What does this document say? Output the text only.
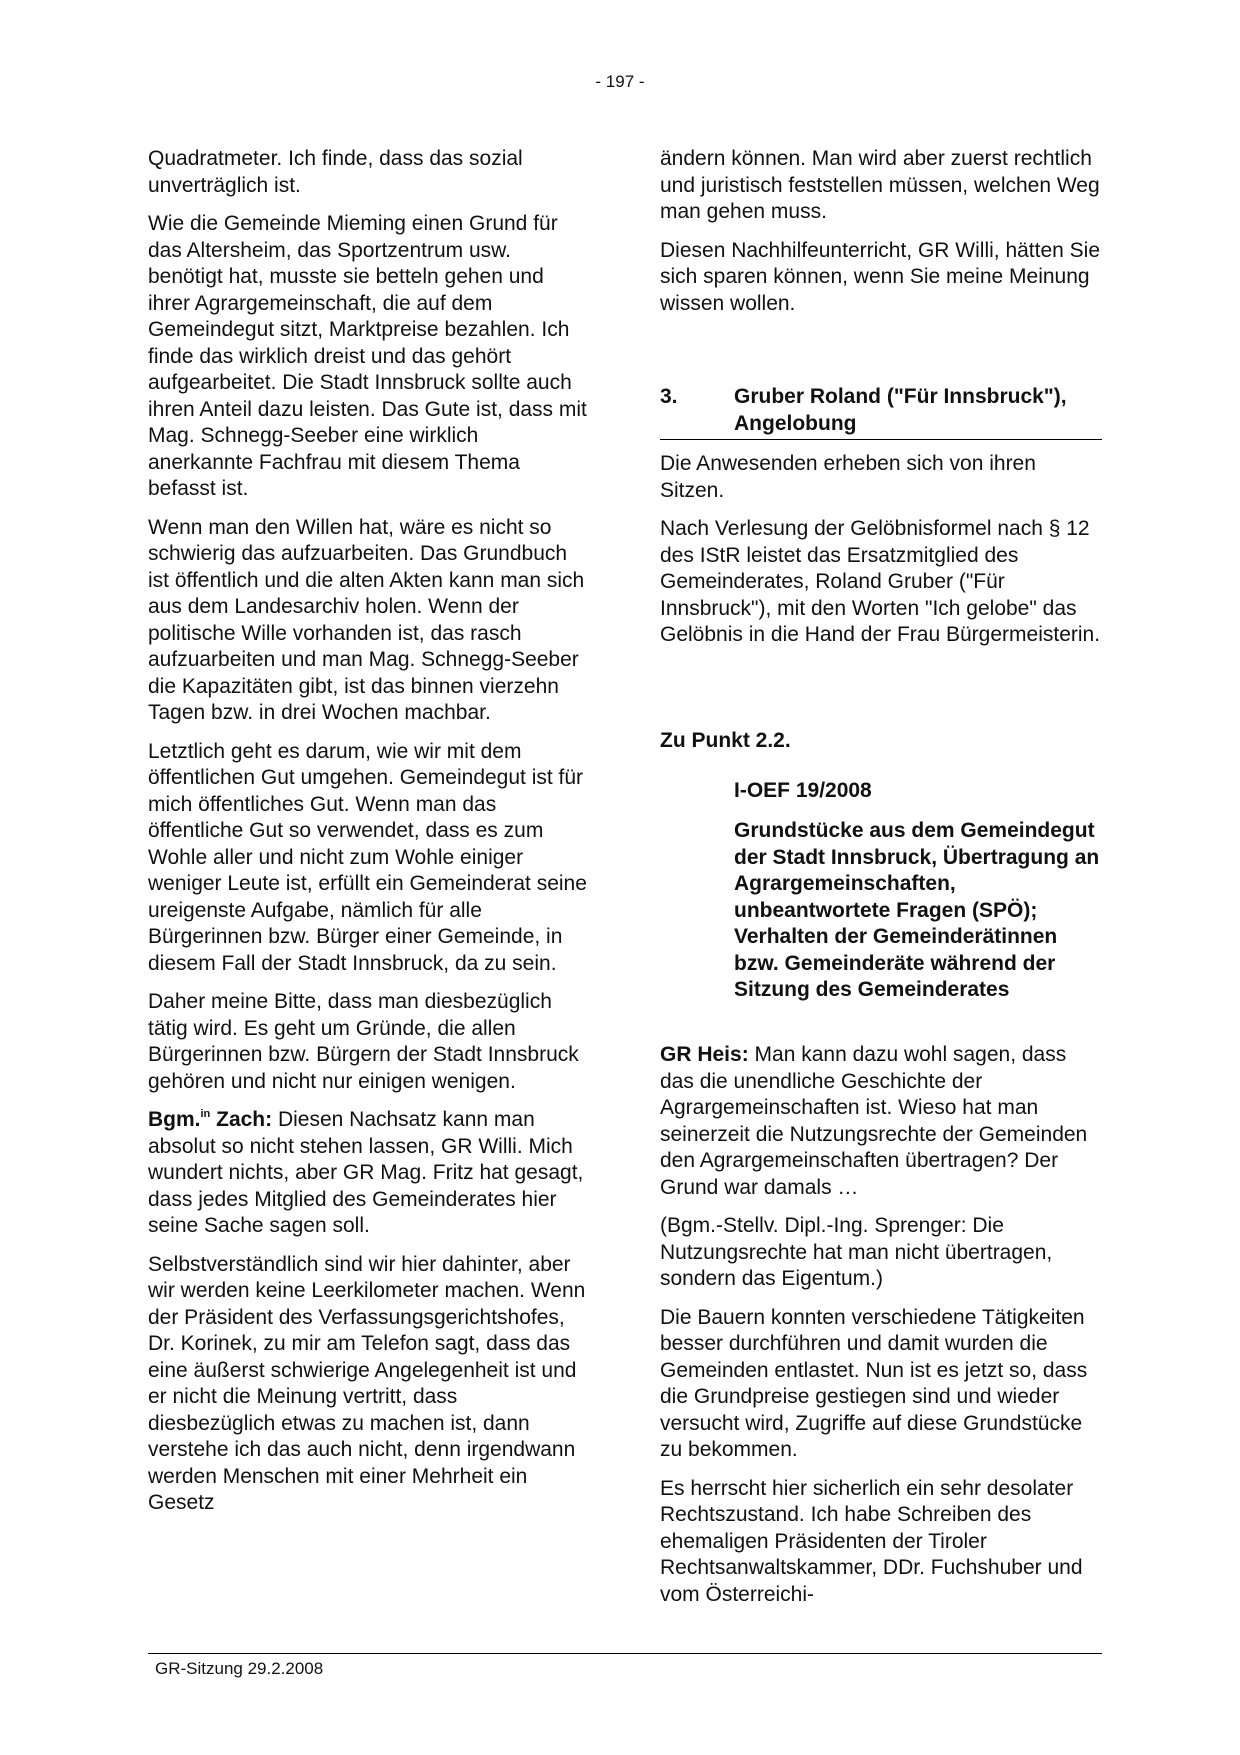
- 197 -

Quadratmeter. Ich finde, dass das sozial unverträglich ist.

Wie die Gemeinde Mieming einen Grund für das Altersheim, das Sportzentrum usw. benötigt hat, musste sie betteln gehen und ihrer Agrargemeinschaft, die auf dem Gemeindegut sitzt, Marktpreise bezahlen. Ich finde das wirklich dreist und das gehört aufgearbeitet. Die Stadt Innsbruck sollte auch ihren Anteil dazu leisten. Das Gute ist, dass mit Mag. Schnegg-Seeber eine wirklich anerkannte Fachfrau mit diesem Thema befasst ist.

Wenn man den Willen hat, wäre es nicht so schwierig das aufzuarbeiten. Das Grundbuch ist öffentlich und die alten Akten kann man sich aus dem Landesarchiv holen. Wenn der politische Wille vorhanden ist, das rasch aufzuarbeiten und man Mag. Schnegg-Seeber die Kapazitäten gibt, ist das binnen vierzehn Tagen bzw. in drei Wochen machbar.

Letztlich geht es darum, wie wir mit dem öffentlichen Gut umgehen. Gemeindegut ist für mich öffentliches Gut. Wenn man das öffentliche Gut so verwendet, dass es zum Wohle aller und nicht zum Wohle einiger weniger Leute ist, erfüllt ein Gemeinderat seine ureigenste Aufgabe, nämlich für alle Bürgerinnen bzw. Bürger einer Gemeinde, in diesem Fall der Stadt Innsbruck, da zu sein.

Daher meine Bitte, dass man diesbezüglich tätig wird. Es geht um Gründe, die allen Bürgerinnen bzw. Bürgern der Stadt Innsbruck gehören und nicht nur einigen wenigen.

Bgm.$^{in}$ Zach: Diesen Nachsatz kann man absolut so nicht stehen lassen, GR Willi. Mich wundert nichts, aber GR Mag. Fritz hat gesagt, dass jedes Mitglied des Gemeinderates hier seine Sache sagen soll.

Selbstverständlich sind wir hier dahinter, aber wir werden keine Leerkilometer machen. Wenn der Präsident des Verfassungsgerichtshofes, Dr. Korinek, zu mir am Telefon sagt, dass das eine äußerst schwierige Angelegenheit ist und er nicht die Meinung vertritt, dass diesbezüglich etwas zu machen ist, dann verstehe ich das auch nicht, denn irgendwann werden Menschen mit einer Mehrheit ein Gesetz

ändern können. Man wird aber zuerst rechtlich und juristisch feststellen müssen, welchen Weg man gehen muss.

Diesen Nachhilfeunterricht, GR Willi, hätten Sie sich sparen können, wenn Sie meine Meinung wissen wollen.

3.	Gruber Roland ("Für Innsbruck"), Angelobung

Die Anwesenden erheben sich von ihren Sitzen.

Nach Verlesung der Gelöbnisformel nach § 12 des IStR leistet das Ersatzmitglied des Gemeinderates, Roland Gruber ("Für Innsbruck"), mit den Worten "Ich gelobe" das Gelöbnis in die Hand der Frau Bürgermeisterin.

Zu Punkt 2.2.
I-OEF 19/2008
Grundstücke aus dem Gemeindegut der Stadt Innsbruck, Übertragung an Agrargemeinschaften, unbeantwortete Fragen (SPÖ);
Verhalten der Gemeinderätinnen bzw. Gemeinderäte während der Sitzung des Gemeinderates

GR Heis: Man kann dazu wohl sagen, dass das die unendliche Geschichte der Agrargemeinschaften ist. Wieso hat man seinerzeit die Nutzungsrechte der Gemeinden den Agrargemeinschaften übertragen? Der Grund war damals …

(Bgm.-Stellv. Dipl.-Ing. Sprenger: Die Nutzungsrechte hat man nicht übertragen, sondern das Eigentum.)

Die Bauern konnten verschiedene Tätigkeiten besser durchführen und damit wurden die Gemeinden entlastet. Nun ist es jetzt so, dass die Grundpreise gestiegen sind und wieder versucht wird, Zugriffe auf diese Grundstücke zu bekommen.

Es herrscht hier sicherlich ein sehr desolater Rechtszustand. Ich habe Schreiben des ehemaligen Präsidenten der Tiroler Rechtsanwaltskammer, DDr. Fuchshuber und vom Österreichi-

GR-Sitzung 29.2.2008
